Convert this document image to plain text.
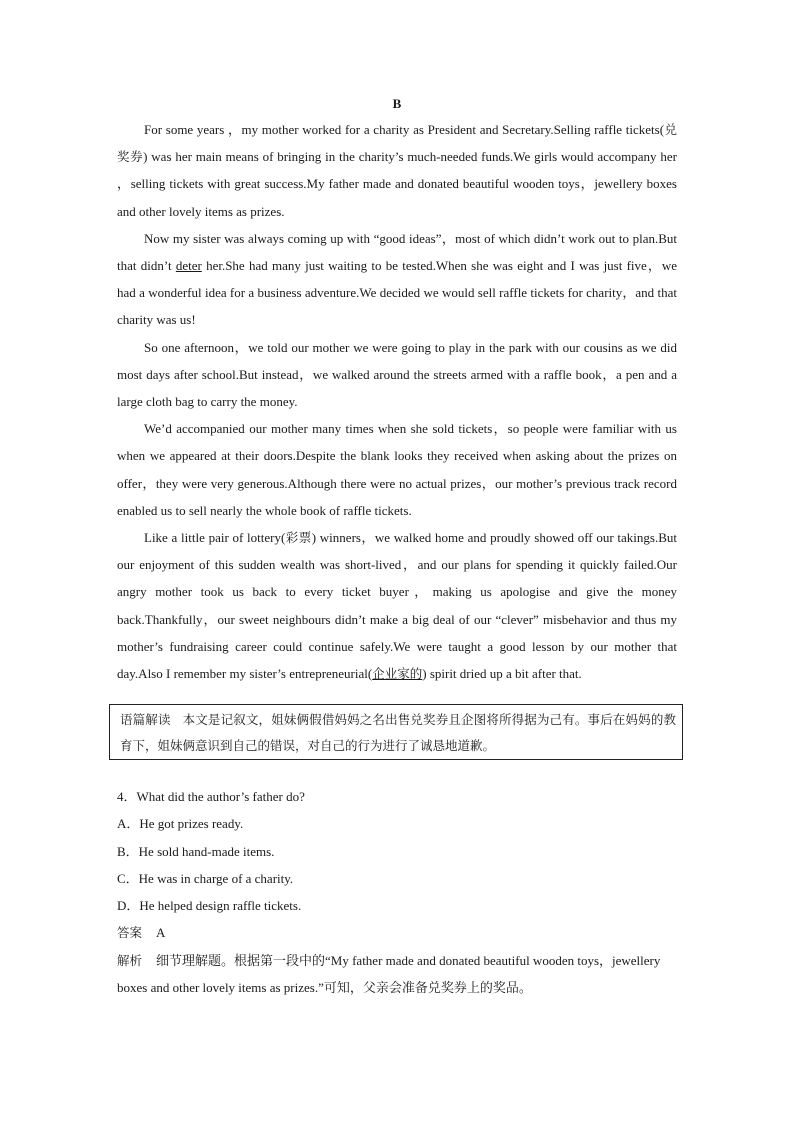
B

For some years ，my mother worked for a charity as President and Secretary.Selling raffle tickets(兑奖券) was her main means of bringing in the charity’s much-needed funds.We girls would accompany her ，selling tickets with great success.My father made and donated beautiful wooden toys，jewellery boxes and other lovely items as prizes.

Now my sister was always coming up with “good ideas”，most of which didn’t work out to plan.But that didn’t deter her.She had many just waiting to be tested.When she was eight and I was just five，we had a wonderful idea for a business adventure.We decided we would sell raffle tickets for charity，and that charity was us!

So one afternoon，we told our mother we were going to play in the park with our cousins as we did most days after school.But instead，we walked around the streets armed with a raffle book，a pen and a large cloth bag to carry the money.

We’d accompanied our mother many times when she sold tickets，so people were familiar with us when we appeared at their doors.Despite the blank looks they received when asking about the prizes on offer，they were very generous.Although there were no actual prizes，our mother’s previous track record enabled us to sell nearly the whole book of raffle tickets.

Like a little pair of lottery(彩票) winners，we walked home and proudly showed off our takings.But our enjoyment of this sudden wealth was short-lived，and our plans for spending it quickly failed.Our angry mother took us back to every ticket buyer，making us apologise and give the money back.Thankfully，our sweet neighbours didn’t make a big deal of our “clever” misbehavior and thus my mother’s fundraising career could continue safely.We were taught a good lesson by our mother that day.Also I remember my sister’s entrepreneurial(企业家的) spirit dried up a bit after that.

语篇解读 本文是记叙文，姐妹俩假借妈妈之名出售兑奖券且企图将所得据为己有。事后在妈妈的教育下，姐妹俩意识到自己的错误，对自己的行为进行了诚恳地道歉。
4．What did the author’s father do?
A．He got prizes ready.
B．He sold hand-made items.
C．He was in charge of a charity.
D．He helped design raffle tickets.
答案 A
解析 细节理解题。根据第一段中的“My father made and donated beautiful wooden toys，jewellery boxes and other lovely items as prizes.”可知，父亲会准备兑奖券上的奖品。
